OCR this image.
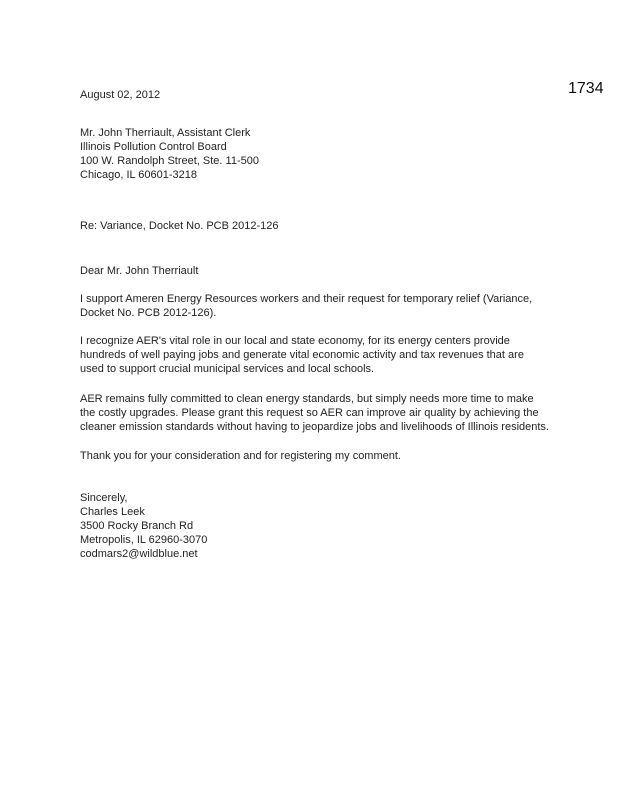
1734
August 02, 2012
Mr. John Therriault, Assistant Clerk
Illinois Pollution Control Board
100 W. Randolph Street, Ste. 11-500
Chicago, IL 60601-3218
Re: Variance, Docket No. PCB 2012-126
Dear Mr. John Therriault
I support Ameren Energy Resources workers and their request for temporary relief (Variance,
Docket No. PCB 2012-126).
I recognize AER's vital role in our local and state economy, for its energy centers provide
hundreds of well paying jobs and generate vital economic activity and tax revenues that are
used to support crucial municipal services and local schools.
AER remains fully committed to clean energy standards, but simply needs more time to make
the costly upgrades. Please grant this request so AER can improve air quality by achieving the
cleaner emission standards without having to jeopardize jobs and livelihoods of Illinois residents.
Thank you for your consideration and for registering my comment.
Sincerely,
Charles Leek
3500 Rocky Branch Rd
Metropolis, IL 62960-3070
codmars2@wildblue.net
